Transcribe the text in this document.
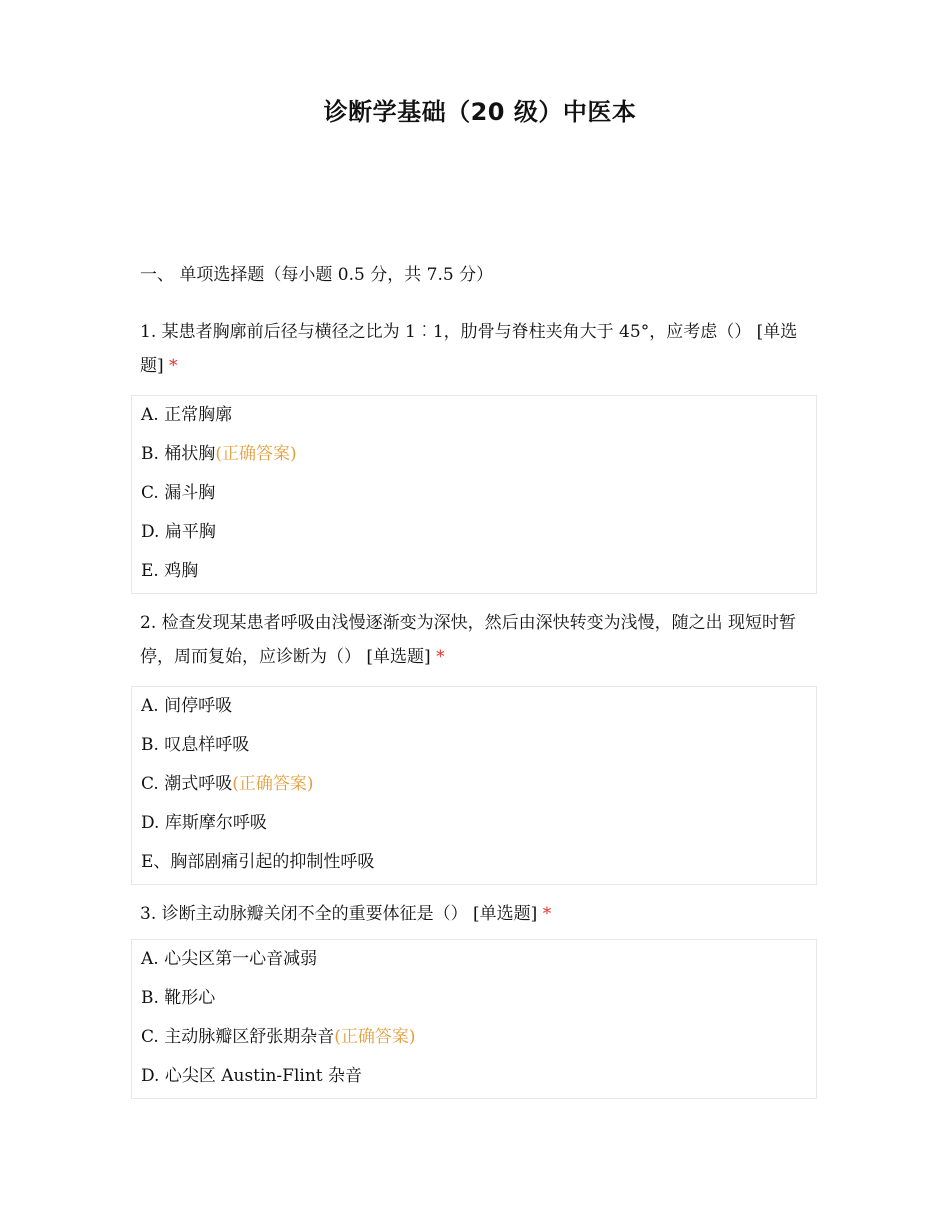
诊断学基础（20 级）中医本
一、 单项选择题（每小题 0.5 分，共 7.5 分）
1. 某患者胸廓前后径与横径之比为 1︰1，肋骨与脊柱夹角大于 45°，应考虑（） [单选题] *
A. 正常胸廓
B. 桶状胸(正确答案)
C. 漏斗胸
D. 扁平胸
E. 鸡胸
2. 检查发现某患者呼吸由浅慢逐渐变为深快，然后由深快转变为浅慢，随之出 现短时暂停，周而复始，应诊断为（） [单选题] *
A. 间停呼吸
B. 叹息样呼吸
C. 潮式呼吸(正确答案)
D. 库斯摩尔呼吸
E、胸部剧痛引起的抑制性呼吸
3. 诊断主动脉瓣关闭不全的重要体征是（） [单选题] *
A. 心尖区第一心音减弱
B. 靴形心
C. 主动脉瓣区舒张期杂音(正确答案)
D. 心尖区 Austin-Flint 杂音
